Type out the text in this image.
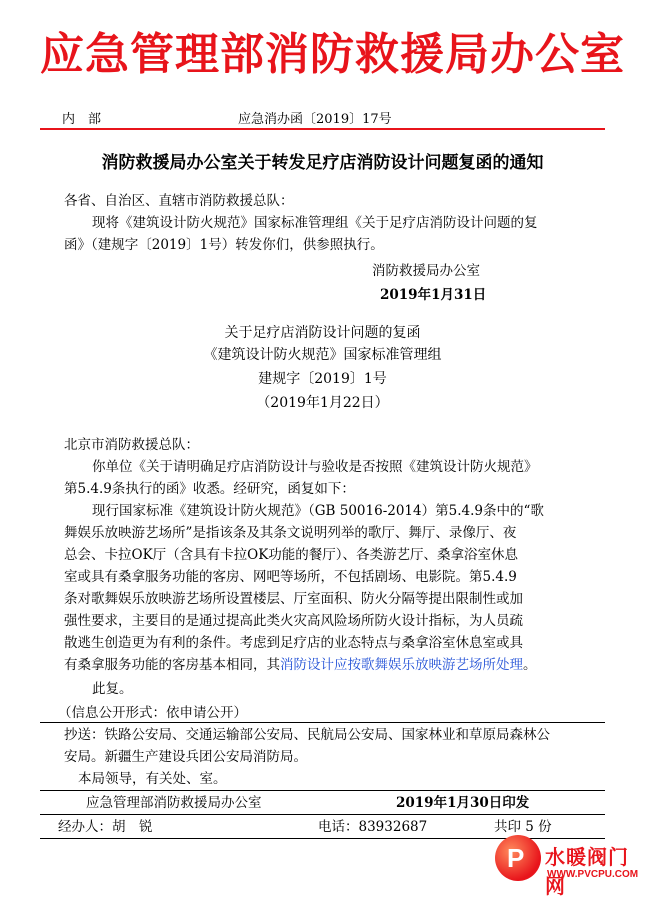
应急管理部消防救援局办公室
内　部	应急消办函〔2019〕17号
消防救援局办公室关于转发足疗店消防设计问题复函的通知
各省、自治区、直辖市消防救援总队：
现将《建筑设计防火规范》国家标准管理组《关于足疗店消防设计问题的复
函》（建规字〔2019〕1号）转发你们，供参照执行。
消防救援局办公室
2019年1月31日
关于足疗店消防设计问题的复函
《建筑设计防火规范》国家标准管理组
建规字〔2019〕1号
（2019年1月22日）
北京市消防救援总队：
你单位《关于请明确足疗店消防设计与验收是否按照《建筑设计防火规范》
第5.4.9条执行的函》收悉。经研究，函复如下：
现行国家标准《建筑设计防火规范》（GB 50016-2014）第5.4.9条中的“歌
舞娱乐放映游艺场所”是指该条及其条文说明列举的歌厅、舞厅、录像厅、夜
总会、卡拉OK厅（含具有卡拉OK功能的餐厅）、各类游艺厅、桑拿浴室休息
室或具有桑拿服务功能的客房、网吧等场所，不包括剧场、电影院。第5.4.9
条对歌舞娱乐放映游艺场所设置楼层、厅室面积、防火分隔等提出限制性或加
强性要求，主要目的是通过提高此类火灾高风险场所防火设计指标，为人员疏
散逃生创造更为有利的条件。考虑到足疗店的业态特点与桑拿浴室休息室或具
有桑拿服务功能的客房基本相同，其消防设计应按歌舞娱乐放映游艺场所处理。
此复。
（信息公开形式：依申请公开）
抄送：铁路公安局、交通运输部公安局、民航局公安局、国家林业和草原局森林公
安局。新疆生产建设兵团公安局消防局。
本局领导，有关处、室。
应急管理部消防救援局办公室	2019年1月30日印发
经办人：胡　锐	电话：83932687	共印 5 份
P 水暖阀门网
WWW.PVCPU.COM
